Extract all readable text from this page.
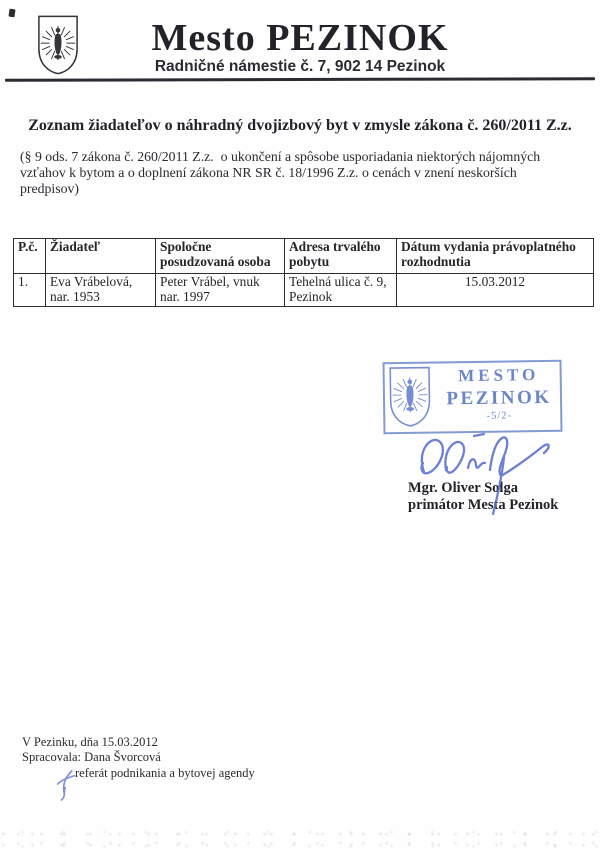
Mesto PEZINOK
Radničné námestie č. 7, 902 14 Pezinok
Zoznam žiadateľov o náhradný dvojizbový byt v zmysle zákona č. 260/2011 Z.z.
(§ 9 ods. 7 zákona č. 260/2011 Z.z.  o ukončení a spôsobe usporiadania niektorých nájomných vzťahov k bytom a o doplnení zákona NR SR č. 18/1996 Z.z. o cenách v znení neskorších predpisov)
P.č.	Žiadateľ	Spoločne posudzovaná osoba	Adresa trvalého pobytu	Dátum vydania právoplatného rozhodnutia
1.	Eva Vrábelová, nar. 1953	Peter Vrábel, vnuk nar. 1997	Tehelná ulica č. 9, Pezinok	15.03.2012
MESTO
PEZINOK
-5/2-
Mgr. Oliver Solga
primátor Mesta Pezinok
V Pezinku, dňa 15.03.2012
Spracovala: Dana Švorcová
referát podnikania a bytovej agendy
